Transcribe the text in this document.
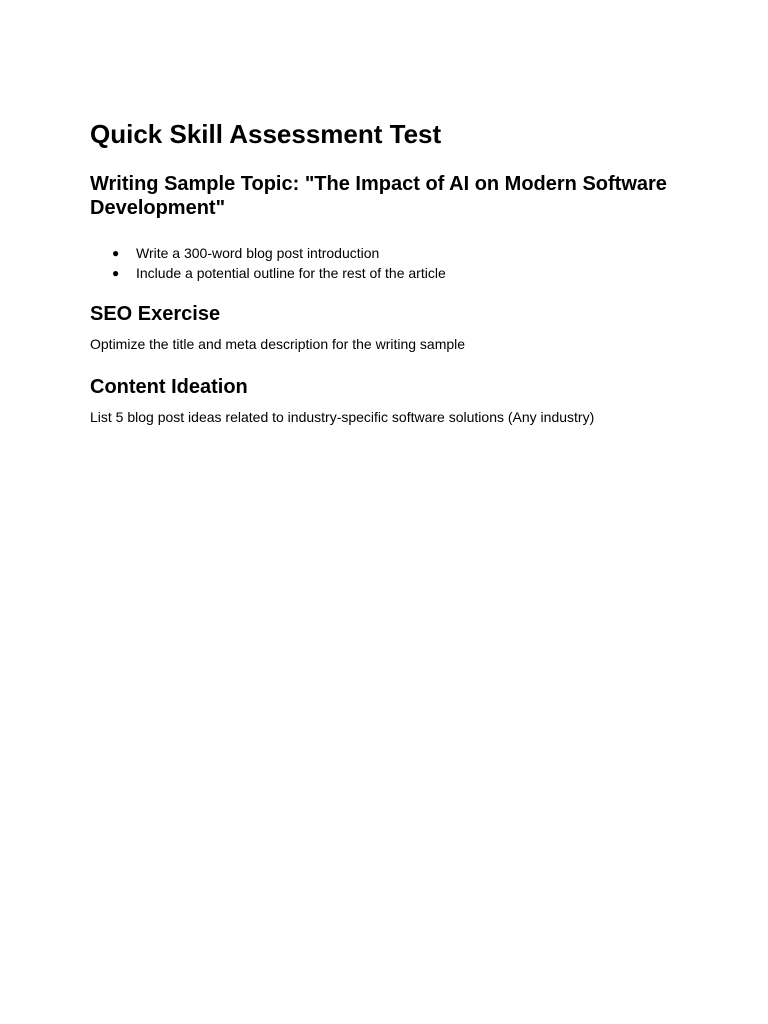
Quick Skill Assessment Test
Writing Sample Topic: "The Impact of AI on Modern Software Development"
● Write a 300-word blog post introduction
● Include a potential outline for the rest of the article
SEO Exercise

Optimize the title and meta description for the writing sample

Content Ideation

List 5 blog post ideas related to industry-specific software solutions (Any industry)
